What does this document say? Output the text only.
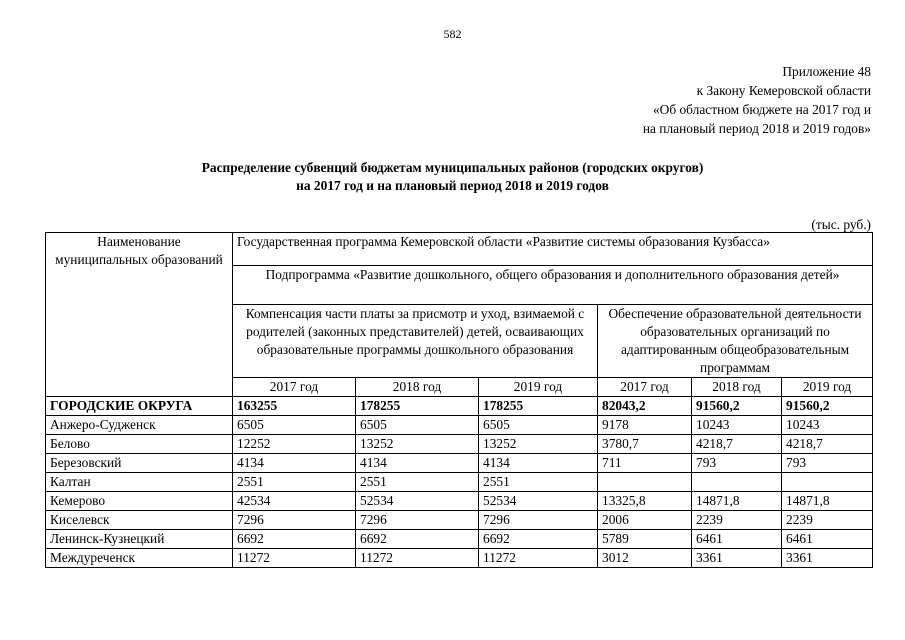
582
Приложение 48
к Закону Кемеровской области
«Об областном бюджете на 2017 год и
на плановый период 2018 и 2019 годов»
Распределение субвенций бюджетам муниципальных районов (городских округов)
на 2017 год и на плановый период 2018 и 2019 годов
(тыс. руб.)
Наименование муниципальных образований	Государственная программа Кемеровской области «Развитие системы образования Кузбасса»					
	Подпрограмма «Развитие дошкольного, общего образования и дополнительного образования детей»					
	Компенсация части платы за присмотр и уход, взимаемой с родителей (законных представителей) детей, осваивающих образовательные программы дошкольного образования			Обеспечение образовательной деятельности образовательных организаций по адаптированным общеобразовательным программам		
	2017 год	2018 год	2019 год	2017 год	2018 год	2019 год
ГОРОДСКИЕ ОКРУГА	163255	178255	178255	82043,2	91560,2	91560,2
Анжеро-Судженск	6505	6505	6505	9178	10243	10243
Белово	12252	13252	13252	3780,7	4218,7	4218,7
Березовский	4134	4134	4134	711	793	793
Калтан	2551	2551	2551			
Кемерово	42534	52534	52534	13325,8	14871,8	14871,8
Киселевск	7296	7296	7296	2006	2239	2239
Ленинск-Кузнецкий	6692	6692	6692	5789	6461	6461
Междуреченск	11272	11272	11272	3012	3361	3361
